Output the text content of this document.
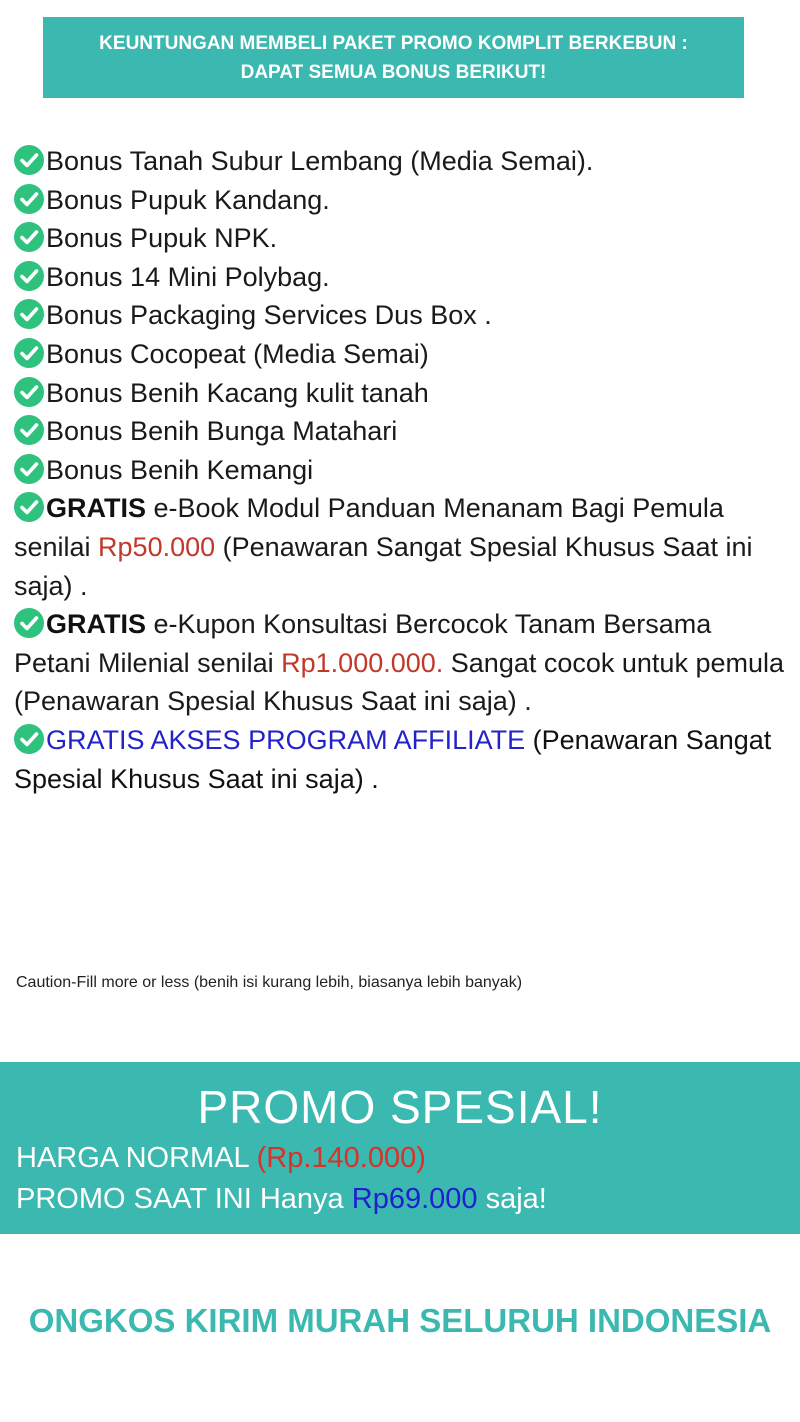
KEUNTUNGAN MEMBELI PAKET PROMO KOMPLIT BERKEBUN :
DAPAT SEMUA BONUS BERIKUT!
Bonus Tanah Subur Lembang (Media Semai).
Bonus Pupuk Kandang.
Bonus Pupuk NPK.
Bonus 14 Mini Polybag.
Bonus Packaging Services Dus Box .
Bonus Cocopeat (Media Semai)
Bonus Benih Kacang kulit tanah
Bonus Benih Bunga Matahari
Bonus Benih Kemangi
GRATIS e-Book Modul Panduan Menanam Bagi Pemula senilai Rp50.000 (Penawaran Sangat Spesial Khusus Saat ini saja) .
GRATIS e-Kupon Konsultasi Bercocok Tanam Bersama Petani Milenial senilai Rp1.000.000. Sangat cocok untuk pemula (Penawaran Spesial Khusus Saat ini saja) .
GRATIS AKSES PROGRAM AFFILIATE (Penawaran Sangat Spesial Khusus Saat ini saja) .
Caution-Fill more or less (benih isi kurang lebih, biasanya lebih banyak)
PROMO SPESIAL!
HARGA NORMAL (Rp.140.000)
PROMO SAAT INI Hanya Rp69.000 saja!
ONGKOS KIRIM MURAH SELURUH INDONESIA
